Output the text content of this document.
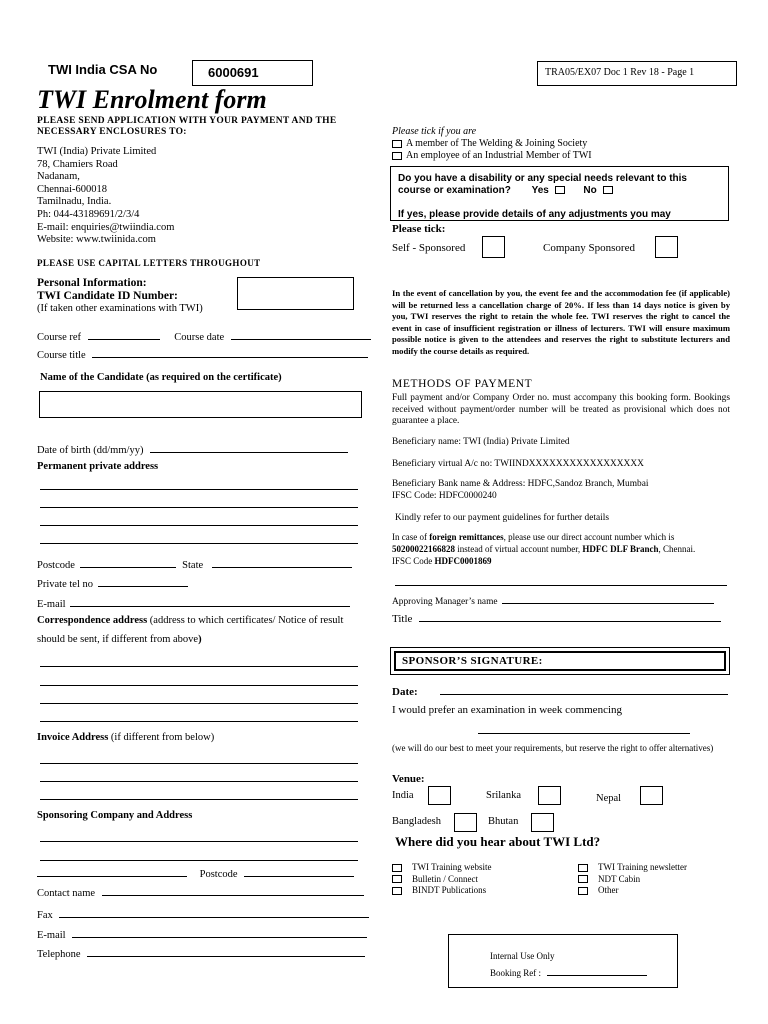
TWI India CSA No	6000691	TRA05/EX07 Doc 1 Rev 18 - Page 1
TWI Enrolment form
PLEASE SEND APPLICATION WITH YOUR PAYMENT AND THE
NECESSARY ENCLOSURES TO:
TWI (India) Private Limited
78, Chamiers Road
Nadanam,
Chennai-600018
Tamilnadu, India.
Ph: 044-43189691/2/3/4
E-mail: enquiries@twiindia.com
Website: www.twiinida.com
PLEASE USE CAPITAL LETTERS THROUGHOUT
Personal Information:
TWI Candidate ID Number:
(If taken other examinations with TWI)
Course ref	Course date
Course title
Name of the Candidate (as required on the certificate)
Date of birth (dd/mm/yy)
Permanent private address
Postcode	State
Private tel no
E-mail
Correspondence address (address to which certificates/ Notice of result
should be sent, if different from above)
Invoice Address (if different from below)
Sponsoring Company and Address
Postcode
Contact name
Fax
E-mail
Telephone
Please tick if you are
A member of The Welding & Joining Society
An employee of an Industrial Member of TWI
Do you have a disability or any special needs relevant to this
course or examination? Yes	No
If yes, please provide details of any adjustments you may
Please tick:
Self - Sponsored	Company Sponsored
In the event of cancellation by you, the event fee and the accommodation fee (if applicable) will be returned less a cancellation charge of 20%. If less than 14 days notice is given by you, TWI reserves the right to retain the whole fee. TWI reserves the right to cancel the event in case of insufficient registration or illness of lecturers. TWI will ensure maximum possible notice is given to the attendees and reserves the right to substitute lecturers and modify the course details as required.
METHODS OF PAYMENT
Full payment and/or Company Order no. must accompany this booking form. Bookings received without payment/order number will be treated as provisional which does not guarantee a place.
Beneficiary name: TWI (India) Private Limited
Beneficiary virtual A/c no: TWIINDXXXXXXXXXXXXXXXXX
Beneficiary Bank name & Address: HDFC,Sandoz Branch, Mumbai
IFSC Code: HDFC0000240
Kindly refer to our payment guidelines for further details
In case of foreign remittances, please use our direct account number which is
50200022166828 instead of virtual account number, HDFC DLF Branch, Chennai.
IFSC Code HDFC0001869
Approving Manager’s name
Title
SPONSOR’S SIGNATURE:
Date:
I would prefer an examination in week commencing
(we will do our best to meet your requirements, but reserve the right to offer alternatives)
Venue:
India	Srilanka	Nepal
Bangladesh	Bhutan
Where did you hear about TWI Ltd?
TWI Training website
Bulletin / Connect
BINDT Publications
TWI Training newsletter
NDT Cabin
Other
Internal Use Only
Booking Ref :
